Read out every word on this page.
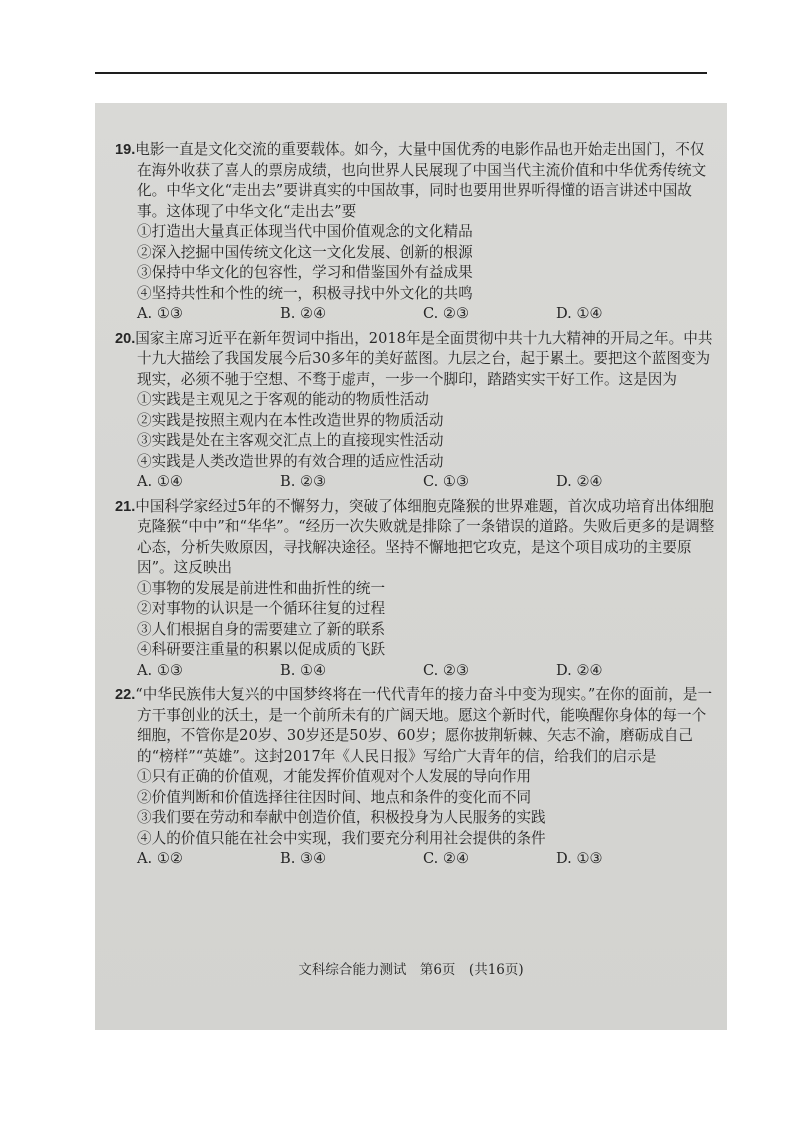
19.电影一直是文化交流的重要载体。如今，大量中国优秀的电影作品也开始走出国门，不仅在海外收获了喜人的票房成绩，也向世界人民展现了中国当代主流价值和中华优秀传统文化。中华文化“走出去”要讲真实的中国故事，同时也要用世界听得懂的语言讲述中国故事。这体现了中华文化“走出去”要

①打造出大量真正体现当代中国价值观念的文化精品

②深入挖掘中国传统文化这一文化发展、创新的根源

③保持中华文化的包容性，学习和借鉴国外有益成果

④坚持共性和个性的统一，积极寻找中外文化的共鸣

A. ①③	B. ②④	C. ②③	D. ①④

20.国家主席习近平在新年贺词中指出，2018年是全面贯彻中共十九大精神的开局之年。中共十九大描绘了我国发展今后30多年的美好蓝图。九层之台，起于累土。要把这个蓝图变为现实，必须不驰于空想、不骛于虚声，一步一个脚印，踏踏实实干好工作。这是因为

①实践是主观见之于客观的能动的物质性活动

②实践是按照主观内在本性改造世界的物质活动

③实践是处在主客观交汇点上的直接现实性活动

④实践是人类改造世界的有效合理的适应性活动

A. ①④	B. ②③	C. ①③	D. ②④

21.中国科学家经过5年的不懈努力，突破了体细胞克隆猴的世界难题，首次成功培育出体细胞克隆猴“中中”和“华华”。“经历一次失败就是排除了一条错误的道路。失败后更多的是调整心态，分析失败原因，寻找解决途径。坚持不懈地把它攻克，是这个项目成功的主要原因”。这反映出

①事物的发展是前进性和曲折性的统一

②对事物的认识是一个循环往复的过程

③人们根据自身的需要建立了新的联系

④科研要注重量的积累以促成质的飞跃

A. ①③	B. ①④	C. ②③	D. ②④

22.“中华民族伟大复兴的中国梦终将在一代代青年的接力奋斗中变为现实。”在你的面前，是一方干事创业的沃土，是一个前所未有的广阔天地。愿这个新时代，能唤醒你身体的每一个细胞，不管你是20岁、30岁还是50岁、60岁；愿你披荆斩棘、矢志不渝，磨砺成自己的“榜样”“英雄”。这封2017年《人民日报》写给广大青年的信，给我们的启示是

①只有正确的价值观，才能发挥价值观对个人发展的导向作用

②价值判断和价值选择往往因时间、地点和条件的变化而不同

③我们要在劳动和奉献中创造价值，积极投身为人民服务的实践

④人的价值只能在社会中实现，我们要充分利用社会提供的条件

A. ①②	B. ③④	C. ②④	D. ①③
文科综合能力测试　第6页　(共16页)
